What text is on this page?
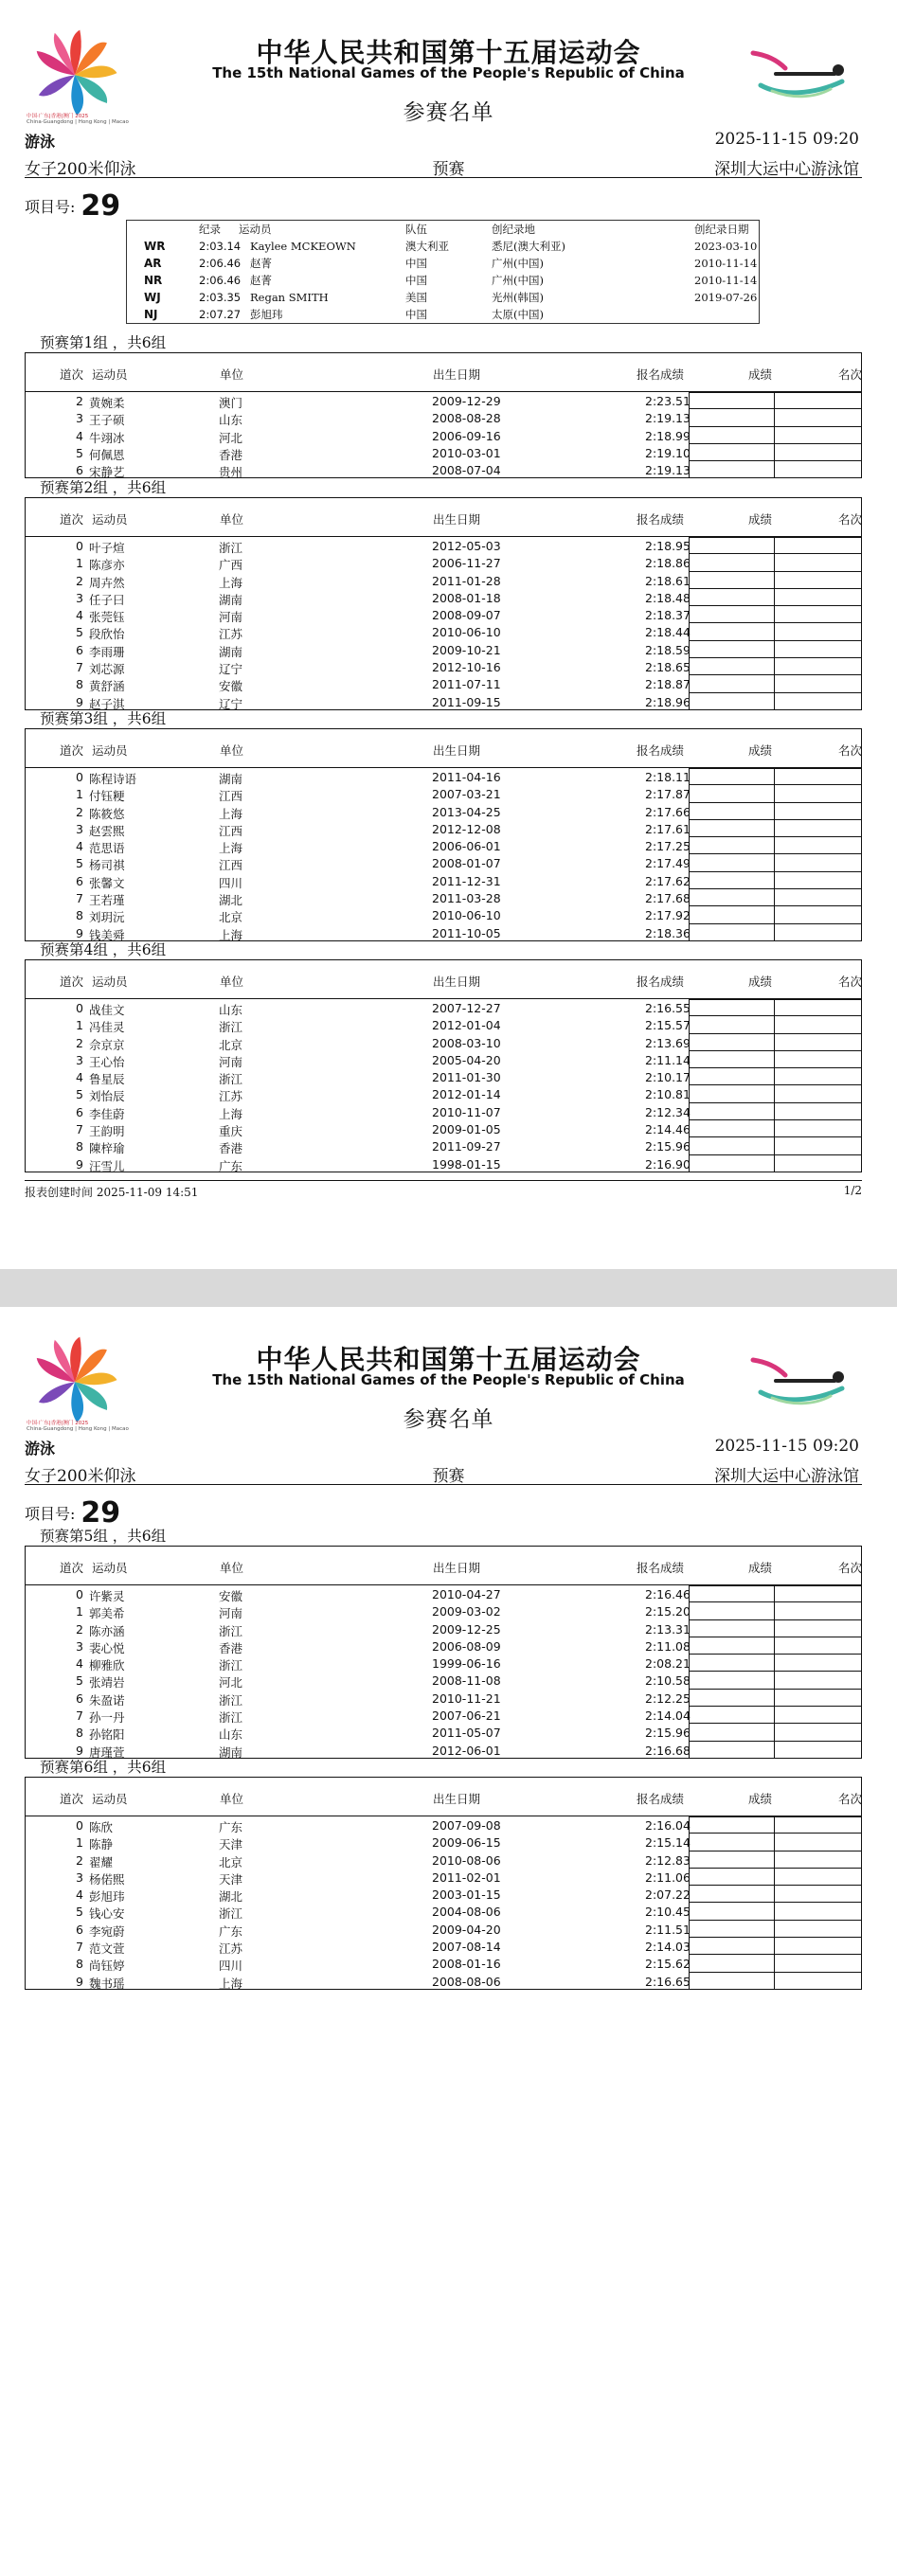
中国·广东|香港|澳门 2025
China·Guangdong | Hong Kong | Macao
中华人民共和国第十五届运动会
The 15th National Games of the People's Republic of China
参赛名单
游泳	2025-11-15 09:20
女子200米仰泳	预赛	深圳大运中心游泳馆
项目号: 29
纪录 运动员	队伍	创纪录地	创纪录日期
WR	2:03.14 Kaylee MCKEOWN	澳大利亚	悉尼(澳大利亚)	2023-03-10
AR	2:06.46 赵菁	中国	广州(中国)	2010-11-14
NR	2:06.46 赵菁	中国	广州(中国)	2010-11-14
WJ	2:03.35 Regan SMITH	美国	光州(韩国)	2019-07-26
NJ	2:07.27 彭旭玮	中国	太原(中国)
预赛第1组 ，共6组
道次 运动员	单位	出生日期	报名成绩	成绩	名次
2 黄婉柔	澳门	2009-12-29	2:23.51
3 王子硕	山东	2008-08-28	2:19.13
4 牛翊冰	河北	2006-09-16	2:18.99
5 何佩恩	香港	2010-03-01	2:19.10
6 宋静艺	贵州	2008-07-04	2:19.13
预赛第2组 ，共6组
道次 运动员	单位	出生日期	报名成绩	成绩	名次
0 叶子煊	浙江	2012-05-03	2:18.95
1 陈彦亦	广西	2006-11-27	2:18.86
2 周卉然	上海	2011-01-28	2:18.61
3 任子曰	湖南	2008-01-18	2:18.48
4 张莞钰	河南	2008-09-07	2:18.37
5 段欣怡	江苏	2010-06-10	2:18.44
6 李雨珊	湖南	2009-10-21	2:18.59
7 刘芯源	辽宁	2012-10-16	2:18.65
8 黄舒涵	安徽	2011-07-11	2:18.87
9 赵子淇	辽宁	2011-09-15	2:18.96
预赛第3组 ，共6组
道次 运动员	单位	出生日期	报名成绩	成绩	名次
0 陈程诗语	湖南	2011-04-16	2:18.11
1 付钰粳	江西	2007-03-21	2:17.87
2 陈筱悠	上海	2013-04-25	2:17.66
3 赵雲熙	江西	2012-12-08	2:17.61
4 范思语	上海	2006-06-01	2:17.25
5 杨司祺	江西	2008-01-07	2:17.49
6 张馨文	四川	2011-12-31	2:17.62
7 王若瑾	湖北	2011-03-28	2:17.68
8 刘玥沅	北京	2010-06-10	2:17.92
9 钱美舜	上海	2011-10-05	2:18.36
预赛第4组 ，共6组
道次 运动员	单位	出生日期	报名成绩	成绩	名次
0 战佳文	山东	2007-12-27	2:16.55
1 冯佳灵	浙江	2012-01-04	2:15.57
2 佘京京	北京	2008-03-10	2:13.69
3 王心怡	河南	2005-04-20	2:11.14
4 鲁星辰	浙江	2011-01-30	2:10.17
5 刘怡辰	江苏	2012-01-14	2:10.81
6 李佳蔚	上海	2010-11-07	2:12.34
7 王韵明	重庆	2009-01-05	2:14.46
8 陳梓瑜	香港	2011-09-27	2:15.96
9 汪雪儿	广东	1998-01-15	2:16.90
报表创建时间 2025-11-09 14:51	1/2
中国·广东|香港|澳门 2025
China·Guangdong | Hong Kong | Macao
中华人民共和国第十五届运动会
The 15th National Games of the People's Republic of China
参赛名单
游泳	2025-11-15 09:20
女子200米仰泳	预赛	深圳大运中心游泳馆
项目号: 29
预赛第5组 ，共6组
道次 运动员	单位	出生日期	报名成绩	成绩	名次
0 许紫灵	安徽	2010-04-27	2:16.46
1 郭美希	河南	2009-03-02	2:15.20
2 陈亦涵	浙江	2009-12-25	2:13.31
3 裴心悦	香港	2006-08-09	2:11.08
4 柳雅欣	浙江	1999-06-16	2:08.21
5 张靖岩	河北	2008-11-08	2:10.58
6 朱盈诺	浙江	2010-11-21	2:12.25
7 孙一丹	浙江	2007-06-21	2:14.04
8 孙铭阳	山东	2011-05-07	2:15.96
9 唐瑾萱	湖南	2012-06-01	2:16.68
预赛第6组 ，共6组
道次 运动员	单位	出生日期	报名成绩	成绩	名次
0 陈欣	广东	2007-09-08	2:16.04
1 陈静	天津	2009-06-15	2:15.14
2 翟耀	北京	2010-08-06	2:12.83
3 杨偌熙	天津	2011-02-01	2:11.06
4 彭旭玮	湖北	2003-01-15	2:07.22
5 钱心安	浙江	2004-08-06	2:10.45
6 李宛蔚	广东	2009-04-20	2:11.51
7 范文萱	江苏	2007-08-14	2:14.03
8 尚钰婷	四川	2008-01-16	2:15.62
9 魏书瑶	上海	2008-08-06	2:16.65
